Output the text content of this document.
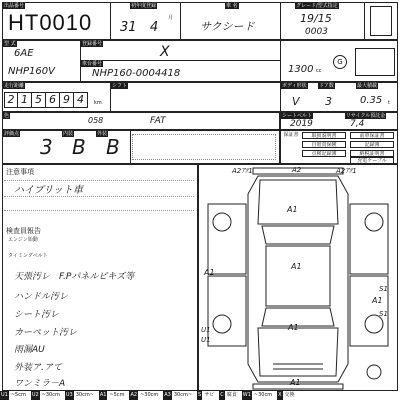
出品番号
HT0010
初年度登録
31
月
4
車 名
サクシード
グレード/型式指定
19/15
0003
型 式
6AE
NHP160V
登録番号	X
車台番号
NHP160-0004418	1300 cc
G
走行距離
2 1 5 6 9 4	km
シフト	ボディ形状
V
ドア数
3
最大積載
0.35 t
色	058	FAT	シートベルト
2019
リサイクル預託金
7,4
評価点
3
内装
B
外装
B	保証書	取扱説明書	前車保証書
自賠責保険	記録簿
点検記録簿	納税証明書
充電ケーブル
注意事項
ハイブリット車
検査員報告
エンジン始動
タイミングベルト
天張汚レ　F.Pパネルピキズ等
ハンドル汚レ
シート汚レ
カーペット汚レ
雨漏AU
外装ア.アて
ワンミラ－A
A2ｱﾃ1	A2	A2ｱﾃ1
A1
A1
A1
A1
A1
A1
U1
U1
S1
S1
U1 ~5cm U2 ~30cm U3 30cm~ A1 ~5cm A2 ~30cm A3 30cm~ S サビ C 腐食 W1 ~30cm X 交換
